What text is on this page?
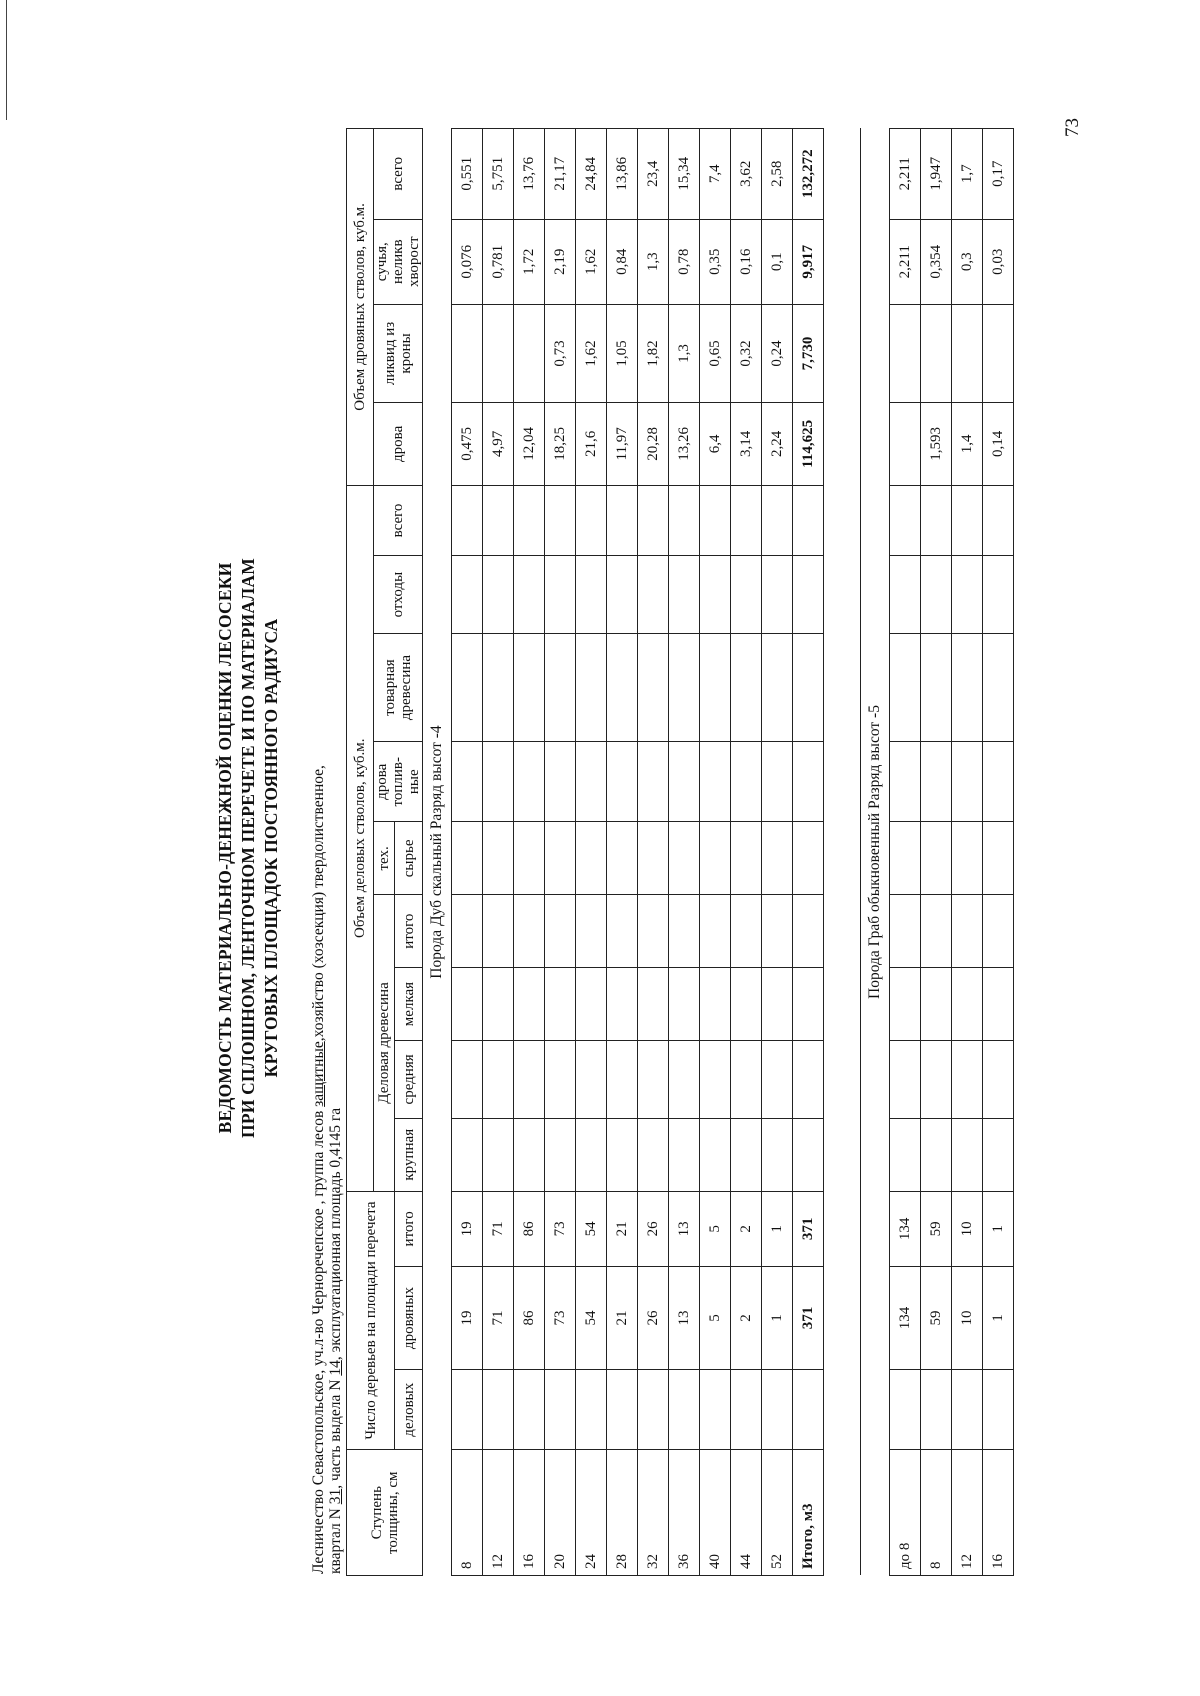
73
ВЕДОМОСТЬ МАТЕРИАЛЬНО-ДЕНЕЖНОЙ ОЦЕНКИ ЛЕСОСЕКИ ПРИ СПЛОШНОМ, ЛЕНТОЧНОМ ПЕРЕЧЕТЕ И ПО МАТЕРИАЛАМ КРУГОВЫХ ПЛОЩАДОК ПОСТОЯННОГО РАДИУСА
Лесничество Севастопольское, уч.л-во Черноречепское , группа лесов защитные,хозяйство (хозсекция) твердолиственное,
квартал N 31, часть выдела N 14, эксплуатационная площадь 0,4145 га
Ступень толщины, см	Число деревьев на площади перечета			Объем деловых стволов, куб.м.									Объем дровяных стволов, куб.м.			
				Деловая древесина				тех.	дрова топлив-ные	товарная древесина	отходы	всего	дрова	ликвид из кроны	сучья, неликв хворост	всего
	деловых	дровяных	итого	крупная	средняя	мелкая	итого	сырье								

Порода Дуб скальный Разряд высот -4																
8		19	19										0,475		0,076	0,551
12		71	71										4,97		0,781	5,751
16		86	86										12,04		1,72	13,76
20		73	73										18,25	0,73	2,19	21,17
24		54	54										21,6	1,62	1,62	24,84
28		21	21										11,97	1,05	0,84	13,86
32		26	26										20,28	1,82	1,3	23,4
36		13	13										13,26	1,3	0,78	15,34
40		5	5										6,4	0,65	0,35	7,4
44		2	2										3,14	0,32	0,16	3,62
52		1	1										2,24	0,24	0,1	2,58
Итого, м3		371	371										114,625	7,730	9,917	132,272

Порода Граб обыкновенный Разряд высот -5																
до 8		134	134												2,211	2,211
8		59	59										1,593		0,354	1,947
12		10	10										1,4		0,3	1,7
16		1	1										0,14		0,03	0,17
